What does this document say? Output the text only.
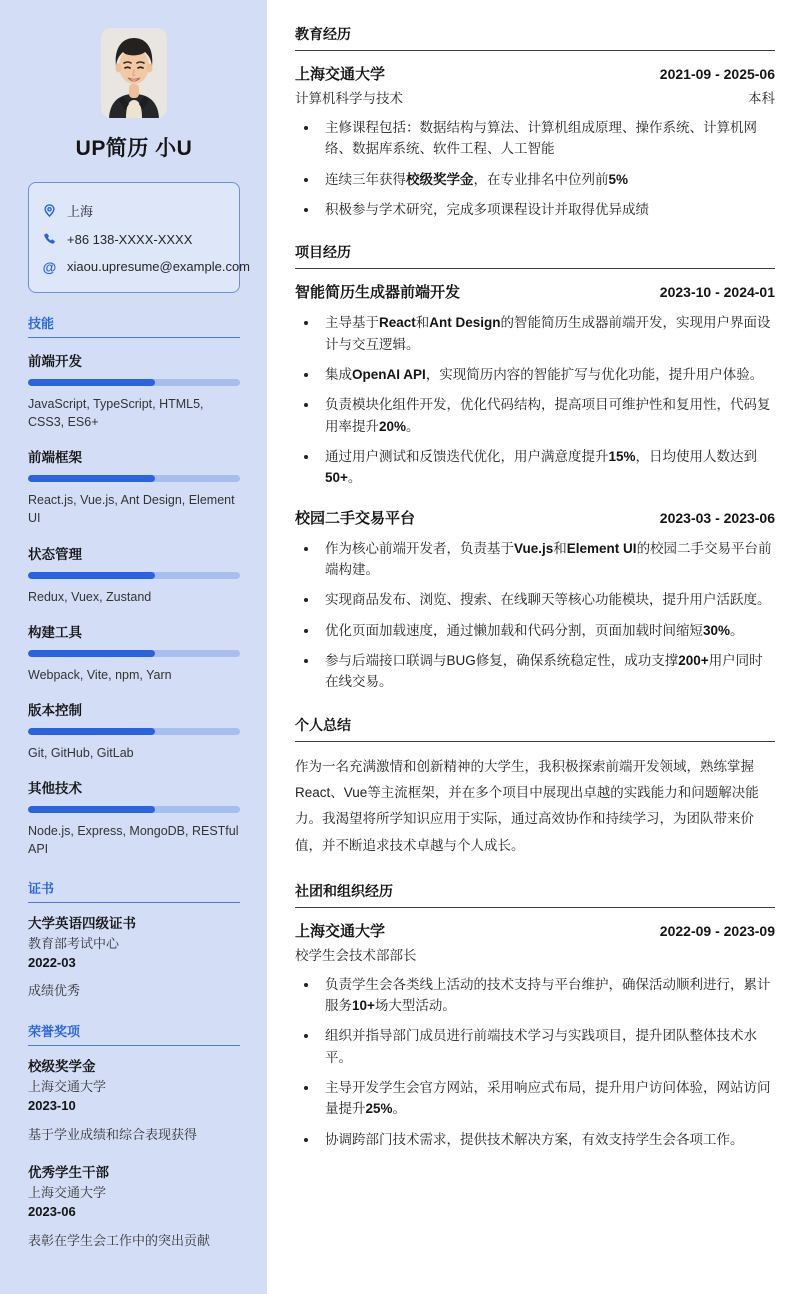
UP简历 小U
上海
+86 138-XXXX-XXXX
@ xiaou.upresume@example.com
技能
前端开发
JavaScript, TypeScript, HTML5, CSS3, ES6+
前端框架
React.js, Vue.js, Ant Design, Element UI
状态管理
Redux, Vuex, Zustand
构建工具
Webpack, Vite, npm, Yarn
版本控制
Git, GitHub, GitLab
其他技术
Node.js, Express, MongoDB, RESTful API
证书
大学英语四级证书
教育部考试中心
2022-03
成绩优秀
荣誉奖项
校级奖学金
上海交通大学
2023-10
基于学业成绩和综合表现获得
优秀学生干部
上海交通大学
2023-06
表彰在学生会工作中的突出贡献
教育经历
上海交通大学	2021-09 - 2025-06
计算机科学与技术	本科
• 主修课程包括：数据结构与算法、计算机组成原理、操作系统、计算机网络、数据库系统、软件工程、人工智能
• 连续三年获得校级奖学金，在专业排名中位列前5%
• 积极参与学术研究，完成多项课程设计并取得优异成绩
项目经历
智能简历生成器前端开发	2023-10 - 2024-01
• 主导基于React和Ant Design的智能简历生成器前端开发，实现用户界面设计与交互逻辑。
• 集成OpenAI API，实现简历内容的智能扩写与优化功能，提升用户体验。
• 负责模块化组件开发，优化代码结构，提高项目可维护性和复用性，代码复用率提升20%。
• 通过用户测试和反馈迭代优化，用户满意度提升15%，日均使用人数达到50+。
校园二手交易平台	2023-03 - 2023-06
• 作为核心前端开发者，负责基于Vue.js和Element UI的校园二手交易平台前端构建。
• 实现商品发布、浏览、搜索、在线聊天等核心功能模块，提升用户活跃度。
• 优化页面加载速度，通过懒加载和代码分割，页面加载时间缩短30%。
• 参与后端接口联调与BUG修复，确保系统稳定性，成功支撑200+用户同时在线交易。
个人总结
作为一名充满激情和创新精神的大学生，我积极探索前端开发领域，熟练掌握React、Vue等主流框架，并在多个项目中展现出卓越的实践能力和问题解决能力。我渴望将所学知识应用于实际，通过高效协作和持续学习，为团队带来价值，并不断追求技术卓越与个人成长。
社团和组织经历
上海交通大学	2022-09 - 2023-09
校学生会技术部部长
• 负责学生会各类线上活动的技术支持与平台维护，确保活动顺利进行，累计服务10+场大型活动。
• 组织并指导部门成员进行前端技术学习与实践项目，提升团队整体技术水平。
• 主导开发学生会官方网站，采用响应式布局，提升用户访问体验，网站访问量提升25%。
• 协调跨部门技术需求，提供技术解决方案，有效支持学生会各项工作。
